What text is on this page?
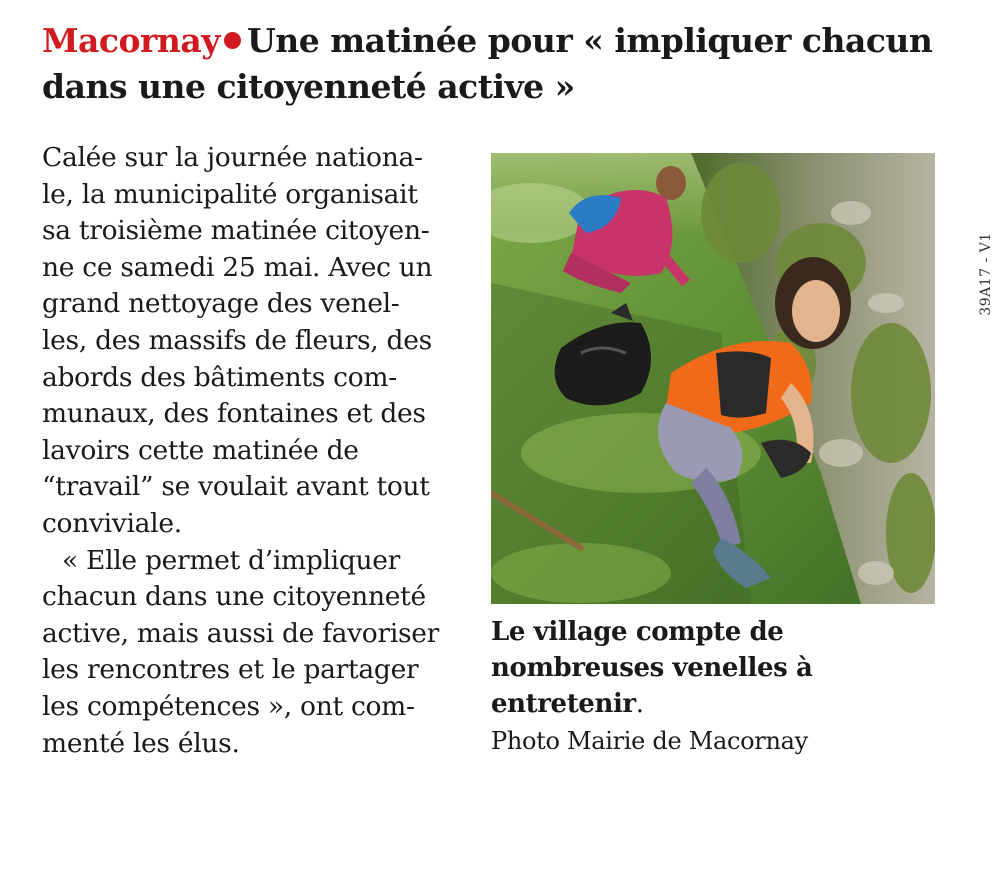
Macornay Une matinée pour « impliquer chacun
dans une citoyenneté active »
Calée sur la journée nationa-
le, la municipalité organisait
sa troisième matinée citoyen-
ne ce samedi 25 mai. Avec un
grand nettoyage des venel-
les, des massifs de fleurs, des
abords des bâtiments com-
munaux, des fontaines et des
lavoirs cette matinée de
“travail” se voulait avant tout
conviviale.
« Elle permet d’impliquer
chacun dans une citoyenneté
active, mais aussi de favoriser
les rencontres et le partager
les compétences », ont com-
menté les élus.
Le village compte de
nombreuses venelles à
entretenir.
Photo Mairie de Macornay
39A17 - V1
